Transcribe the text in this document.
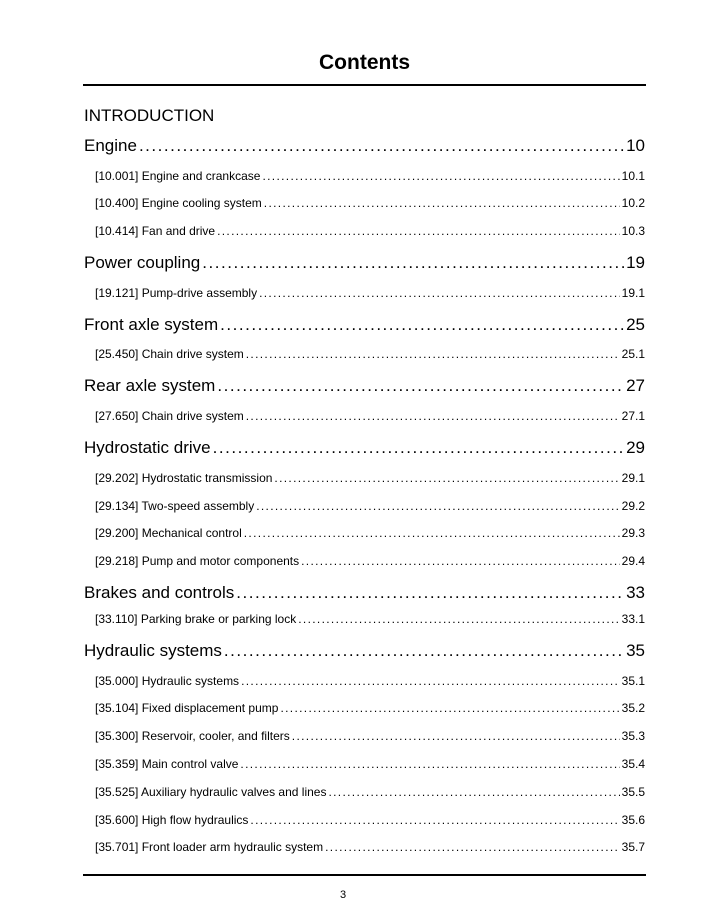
Contents
INTRODUCTION
Engine . . .	10
[10.001] Engine and crankcase . . .	10.1
[10.400] Engine cooling system . . .	10.2
[10.414] Fan and drive . . .	10.3
Power coupling . . .	19
[19.121] Pump-drive assembly . . .	19.1
Front axle system . . .	25
[25.450] Chain drive system . . .	25.1
Rear axle system . . .	27
[27.650] Chain drive system . . .	27.1
Hydrostatic drive . . .	29
[29.202] Hydrostatic transmission . . .	29.1
[29.134] Two-speed assembly . . .	29.2
[29.200] Mechanical control . . .	29.3
[29.218] Pump and motor components . . .	29.4
Brakes and controls . . .	33
[33.110] Parking brake or parking lock . . .	33.1
Hydraulic systems . . .	35
[35.000] Hydraulic systems . . .	35.1
[35.104] Fixed displacement pump . . .	35.2
[35.300] Reservoir, cooler, and filters . . .	35.3
[35.359] Main control valve . . .	35.4
[35.525] Auxiliary hydraulic valves and lines . . .	35.5
[35.600] High flow hydraulics . . .	35.6
[35.701] Front loader arm hydraulic system . . .	35.7
3
